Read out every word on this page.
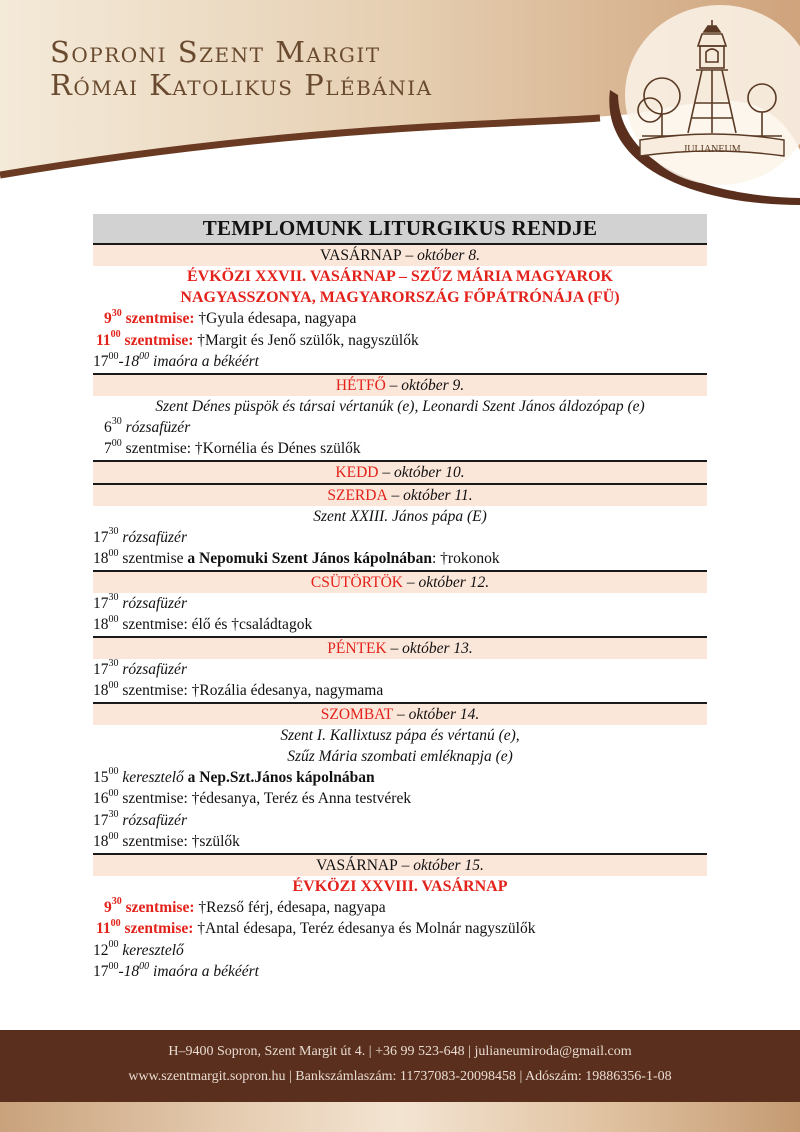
Soproni Szent Margit
Római Katolikus Plébánia
JULIANEUM
TEMPLOMUNK LITURGIKUS RENDJE
VASÁRNAP – október 8.
ÉVKÖZI XXVII. VASÁRNAP – SZŰZ MÁRIA MAGYAROK
NAGYASSZONYA, MAGYARORSZÁG FŐPÁTRÓNÁJA (FÜ)
$9^{30}$ szentmise: †Gyula édesapa, nagyapa
$11^{00}$ szentmise: †Margit és Jenő szülők, nagyszülők
$17^{00}-18^{00}$ imaóra a békéért
HÉTFŐ – október 9.
Szent Dénes püspök és társai vértanúk (e), Leonardi Szent János áldozópap (e)
$6^{30}$ rózsafüzér
$7^{00}$ szentmise: †Kornélia és Dénes szülők
KEDD – október 10.
SZERDA – október 11.
Szent XXIII. János pápa (E)
$17^{30}$ rózsafüzér
$18^{00}$ szentmise a Nepomuki Szent János kápolnában: †rokonok
CSÜTÖRTÖK – október 12.
$17^{30}$ rózsafüzér
$18^{00}$ szentmise: élő és †családtagok
PÉNTEK – október 13.
$17^{30}$ rózsafüzér
$18^{00}$ szentmise: †Rozália édesanya, nagymama
SZOMBAT – október 14.
Szent I. Kallixtusz pápa és vértanú (e),
Szűz Mária szombati emléknapja (e)
$15^{00}$ keresztelő a Nep.Szt.János kápolnában
$16^{00}$ szentmise: †édesanya, Teréz és Anna testvérek
$17^{30}$ rózsafüzér
$18^{00}$ szentmise: †szülők
VASÁRNAP – október 15.
ÉVKÖZI XXVIII. VASÁRNAP
$9^{30}$ szentmise: †Rezső férj, édesapa, nagyapa
$11^{00}$ szentmise: †Antal édesapa, Teréz édesanya és Molnár nagyszülők
$12^{00}$ keresztelő
$17^{00}-18^{00}$ imaóra a békéért
H–9400 Sopron, Szent Margit út 4. | +36 99 523-648 | julianeumiroda@gmail.com
www.szentmargit.sopron.hu | Bankszámlaszám: 11737083-20098458 | Adószám: 19886356-1-08
